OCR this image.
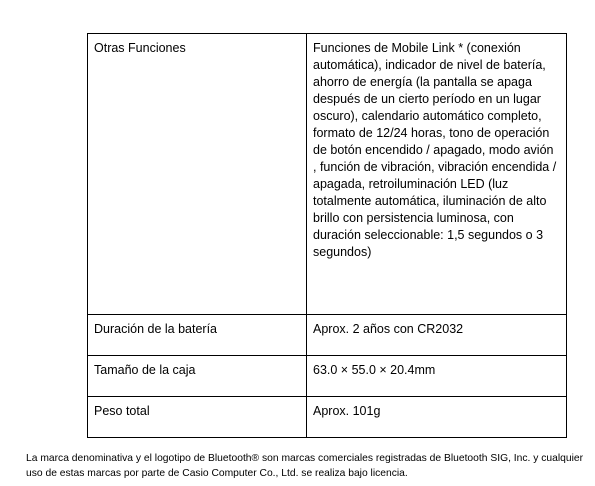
Otras Funciones	Funciones de Mobile Link * (conexión automática), indicador de nivel de batería, ahorro de energía (la pantalla se apaga después de un cierto período en un lugar oscuro), calendario automático completo, formato de 12/24 horas, tono de operación de botón encendido / apagado, modo avión , función de vibración, vibración encendida / apagada, retroiluminación LED (luz totalmente automática, iluminación de alto brillo con persistencia luminosa, con duración seleccionable: 1,5 segundos o 3 segundos)
Duración de la batería	Aprox. 2 años con CR2032
Tamaño de la caja	63.0 × 55.0 × 20.4mm
Peso total	Aprox. 101g

La marca denominativa y el logotipo de Bluetooth® son marcas comerciales registradas de Bluetooth SIG, Inc. y cualquier uso de estas marcas por parte de Casio Computer Co., Ltd. se realiza bajo licencia.
